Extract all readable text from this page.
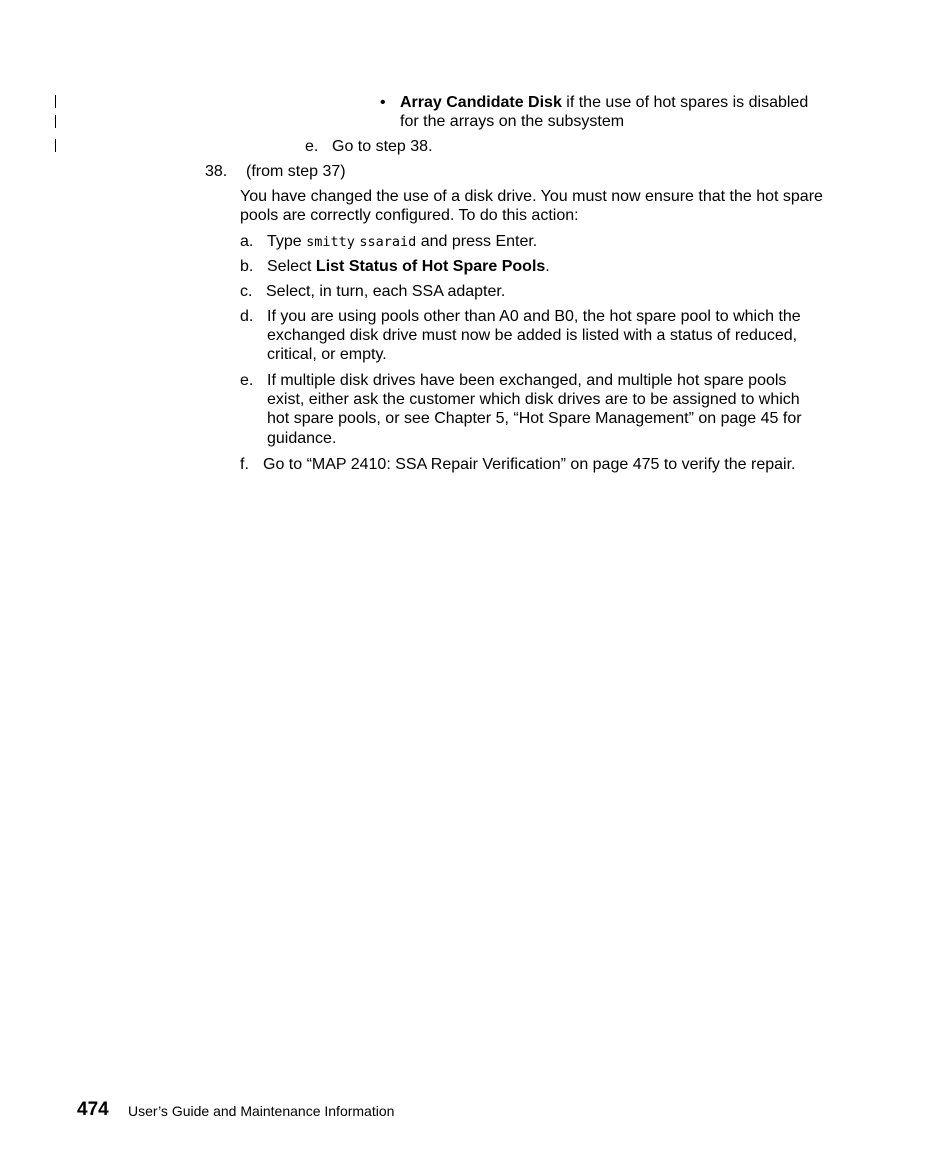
• Array Candidate Disk if the use of hot spares is disabled
for the arrays on the subsystem
e. Go to step 38.
38. (from step 37)
You have changed the use of a disk drive. You must now ensure that the hot spare
pools are correctly configured. To do this action:
a. Type smitty ssaraid and press Enter.
b. Select List Status of Hot Spare Pools.
c. Select, in turn, each SSA adapter.
d. If you are using pools other than A0 and B0, the hot spare pool to which the
exchanged disk drive must now be added is listed with a status of reduced,
critical, or empty.
e. If multiple disk drives have been exchanged, and multiple hot spare pools
exist, either ask the customer which disk drives are to be assigned to which
hot spare pools, or see Chapter 5, “Hot Spare Management” on page 45 for
guidance.
f. Go to “MAP 2410: SSA Repair Verification” on page 475 to verify the repair.
474 User’s Guide and Maintenance Information
